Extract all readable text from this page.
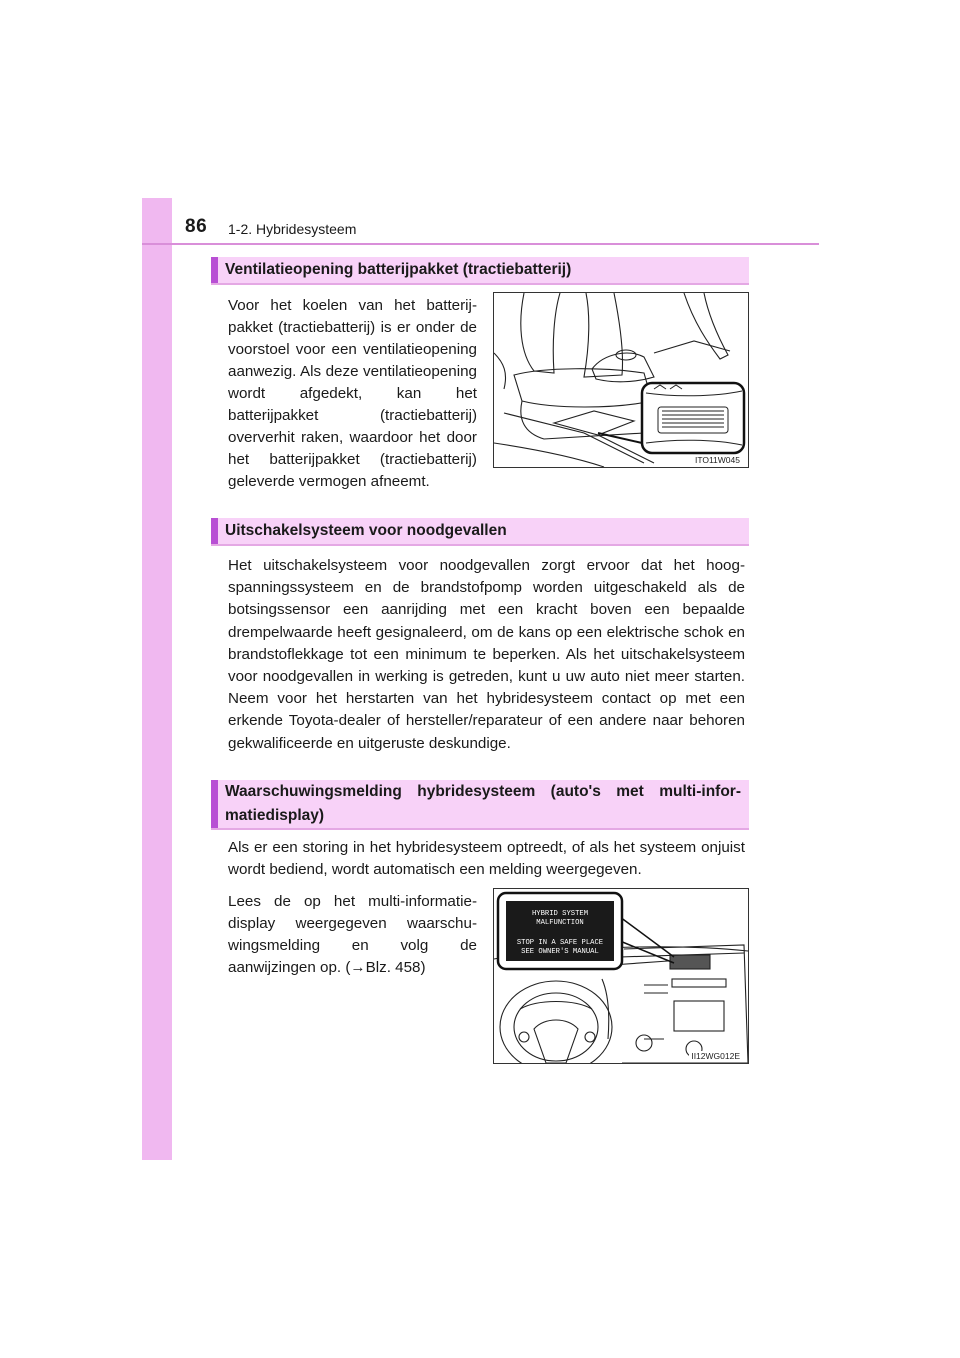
86 1-2. Hybridesysteem
Ventilatieopening batterijpakket (tractiebatterij)

Voor het koelen van het batterijpakket (tractiebatterij) is er onder de voorstoel voor een ventilatieopening aanwezig. Als deze ventilatieopening wordt afgedekt, kan het batterijpakket (tractiebatterij) oververhit raken, waardoor het door het batterijpakket (tractiebatterij) geleverde vermogen afneemt.

ITO11W045
Uitschakelsysteem voor noodgevallen

Het uitschakelsysteem voor noodgevallen zorgt ervoor dat het hoogspanningssysteem en de brandstofpomp worden uitgeschakeld als de botsingssensor een aanrijding met een kracht boven een bepaalde drempelwaarde heeft gesignaleerd, om de kans op een elektrische schok en brandstoflekkage tot een minimum te beperken. Als het uitschakelsysteem voor noodgevallen in werking is getreden, kunt u uw auto niet meer starten. Neem voor het herstarten van het hybridesysteem contact op met een erkende Toyota-dealer of hersteller/reparateur of een andere naar behoren gekwalificeerde en uitgeruste deskundige.

Waarschuwingsmelding hybridesysteem (auto's met multi-informatiedisplay)

Als er een storing in het hybridesysteem optreedt, of als het systeem onjuist wordt bediend, wordt automatisch een melding weergegeven.

Lees de op het multi-informatiedisplay weergegeven waarschuwingsmelding en volg de aanwijzingen op. (→Blz. 458)

HYBRID SYSTEM
MALFUNCTION
STOP IN A SAFE PLACE
SEE OWNER'S MANUAL
II12WG012E
